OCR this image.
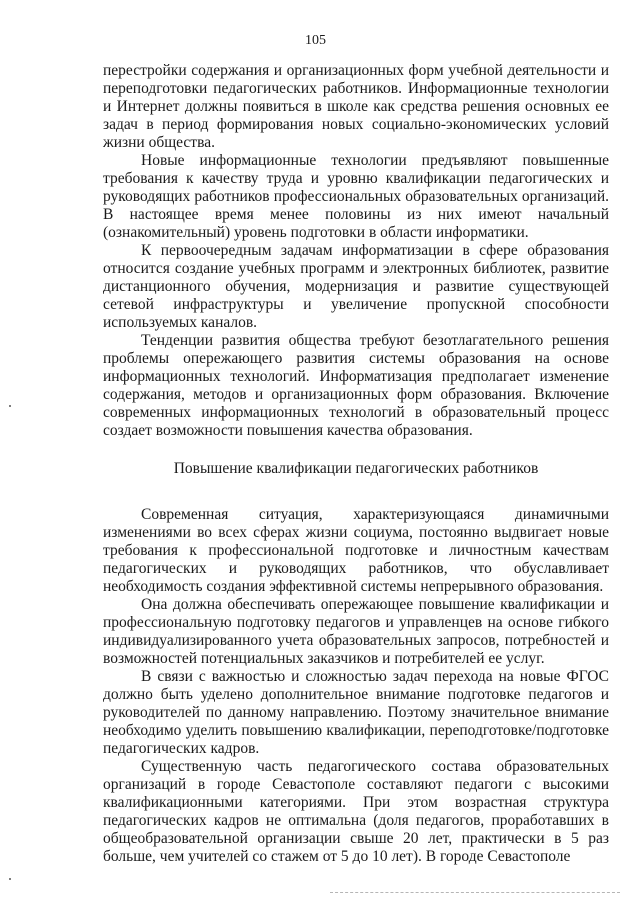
105

перестройки содержания и организационных форм учебной деятельности и переподготовки педагогических работников. Информационные технологии и Интернет должны появиться в школе как средства решения основных ее задач в период формирования новых социально-экономических условий жизни общества.

Новые информационные технологии предъявляют повышенные требования к качеству труда и уровню квалификации педагогических и руководящих работников профессиональных образовательных организаций. В настоящее время менее половины из них имеют начальный (ознакомительный) уровень подготовки в области информатики.

К первоочередным задачам информатизации в сфере образования относится создание учебных программ и электронных библиотек, развитие дистанционного обучения, модернизация и развитие существующей сетевой инфраструктуры и увеличение пропускной способности используемых каналов.

Тенденции развития общества требуют безотлагательного решения проблемы опережающего развития системы образования на основе информационных технологий. Информатизация предполагает изменение содержания, методов и организационных форм образования. Включение современных информационных технологий в образовательный процесс создает возможности повышения качества образования.

Повышение квалификации педагогических работников

Современная ситуация, характеризующаяся динамичными изменениями во всех сферах жизни социума, постоянно выдвигает новые требования к профессиональной подготовке и личностным качествам педагогических и руководящих работников, что обуславливает необходимость создания эффективной системы непрерывного образования.

Она должна обеспечивать опережающее повышение квалификации и профессиональную подготовку педагогов и управленцев на основе гибкого индивидуализированного учета образовательных запросов, потребностей и возможностей потенциальных заказчиков и потребителей ее услуг.

В связи с важностью и сложностью задач перехода на новые ФГОС должно быть уделено дополнительное внимание подготовке педагогов и руководителей по данному направлению. Поэтому значительное внимание необходимо уделить повышению квалификации, переподготовке/подготовке педагогических кадров.

Существенную часть педагогического состава образовательных организаций в городе Севастополе составляют педагоги с высокими квалификационными категориями. При этом возрастная структура педагогических кадров не оптимальна (доля педагогов, проработавших в общеобразовательной организации свыше 20 лет, практически в 5 раз больше, чем учителей со стажем от 5 до 10 лет). В городе Севастополе
